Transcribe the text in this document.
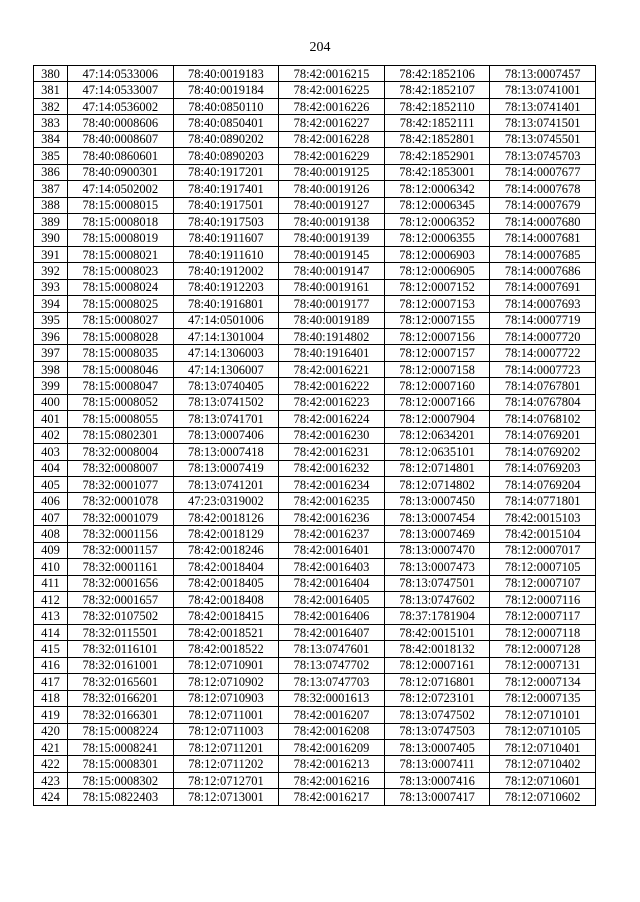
204
380	47:14:0533006	78:40:0019183	78:42:0016215	78:42:1852106	78:13:0007457
381	47:14:0533007	78:40:0019184	78:42:0016225	78:42:1852107	78:13:0741001
382	47:14:0536002	78:40:0850110	78:42:0016226	78:42:1852110	78:13:0741401
383	78:40:0008606	78:40:0850401	78:42:0016227	78:42:1852111	78:13:0741501
384	78:40:0008607	78:40:0890202	78:42:0016228	78:42:1852801	78:13:0745501
385	78:40:0860601	78:40:0890203	78:42:0016229	78:42:1852901	78:13:0745703
386	78:40:0900301	78:40:1917201	78:40:0019125	78:42:1853001	78:14:0007677
387	47:14:0502002	78:40:1917401	78:40:0019126	78:12:0006342	78:14:0007678
388	78:15:0008015	78:40:1917501	78:40:0019127	78:12:0006345	78:14:0007679
389	78:15:0008018	78:40:1917503	78:40:0019138	78:12:0006352	78:14:0007680
390	78:15:0008019	78:40:1911607	78:40:0019139	78:12:0006355	78:14:0007681
391	78:15:0008021	78:40:1911610	78:40:0019145	78:12:0006903	78:14:0007685
392	78:15:0008023	78:40:1912002	78:40:0019147	78:12:0006905	78:14:0007686
393	78:15:0008024	78:40:1912203	78:40:0019161	78:12:0007152	78:14:0007691
394	78:15:0008025	78:40:1916801	78:40:0019177	78:12:0007153	78:14:0007693
395	78:15:0008027	47:14:0501006	78:40:0019189	78:12:0007155	78:14:0007719
396	78:15:0008028	47:14:1301004	78:40:1914802	78:12:0007156	78:14:0007720
397	78:15:0008035	47:14:1306003	78:40:1916401	78:12:0007157	78:14:0007722
398	78:15:0008046	47:14:1306007	78:42:0016221	78:12:0007158	78:14:0007723
399	78:15:0008047	78:13:0740405	78:42:0016222	78:12:0007160	78:14:0767801
400	78:15:0008052	78:13:0741502	78:42:0016223	78:12:0007166	78:14:0767804
401	78:15:0008055	78:13:0741701	78:42:0016224	78:12:0007904	78:14:0768102
402	78:15:0802301	78:13:0007406	78:42:0016230	78:12:0634201	78:14:0769201
403	78:32:0008004	78:13:0007418	78:42:0016231	78:12:0635101	78:14:0769202
404	78:32:0008007	78:13:0007419	78:42:0016232	78:12:0714801	78:14:0769203
405	78:32:0001077	78:13:0741201	78:42:0016234	78:12:0714802	78:14:0769204
406	78:32:0001078	47:23:0319002	78:42:0016235	78:13:0007450	78:14:0771801
407	78:32:0001079	78:42:0018126	78:42:0016236	78:13:0007454	78:42:0015103
408	78:32:0001156	78:42:0018129	78:42:0016237	78:13:0007469	78:42:0015104
409	78:32:0001157	78:42:0018246	78:42:0016401	78:13:0007470	78:12:0007017
410	78:32:0001161	78:42:0018404	78:42:0016403	78:13:0007473	78:12:0007105
411	78:32:0001656	78:42:0018405	78:42:0016404	78:13:0747501	78:12:0007107
412	78:32:0001657	78:42:0018408	78:42:0016405	78:13:0747602	78:12:0007116
413	78:32:0107502	78:42:0018415	78:42:0016406	78:37:1781904	78:12:0007117
414	78:32:0115501	78:42:0018521	78:42:0016407	78:42:0015101	78:12:0007118
415	78:32:0116101	78:42:0018522	78:13:0747601	78:42:0018132	78:12:0007128
416	78:32:0161001	78:12:0710901	78:13:0747702	78:12:0007161	78:12:0007131
417	78:32:0165601	78:12:0710902	78:13:0747703	78:12:0716801	78:12:0007134
418	78:32:0166201	78:12:0710903	78:32:0001613	78:12:0723101	78:12:0007135
419	78:32:0166301	78:12:0711001	78:42:0016207	78:13:0747502	78:12:0710101
420	78:15:0008224	78:12:0711003	78:42:0016208	78:13:0747503	78:12:0710105
421	78:15:0008241	78:12:0711201	78:42:0016209	78:13:0007405	78:12:0710401
422	78:15:0008301	78:12:0711202	78:42:0016213	78:13:0007411	78:12:0710402
423	78:15:0008302	78:12:0712701	78:42:0016216	78:13:0007416	78:12:0710601
424	78:15:0822403	78:12:0713001	78:42:0016217	78:13:0007417	78:12:0710602
